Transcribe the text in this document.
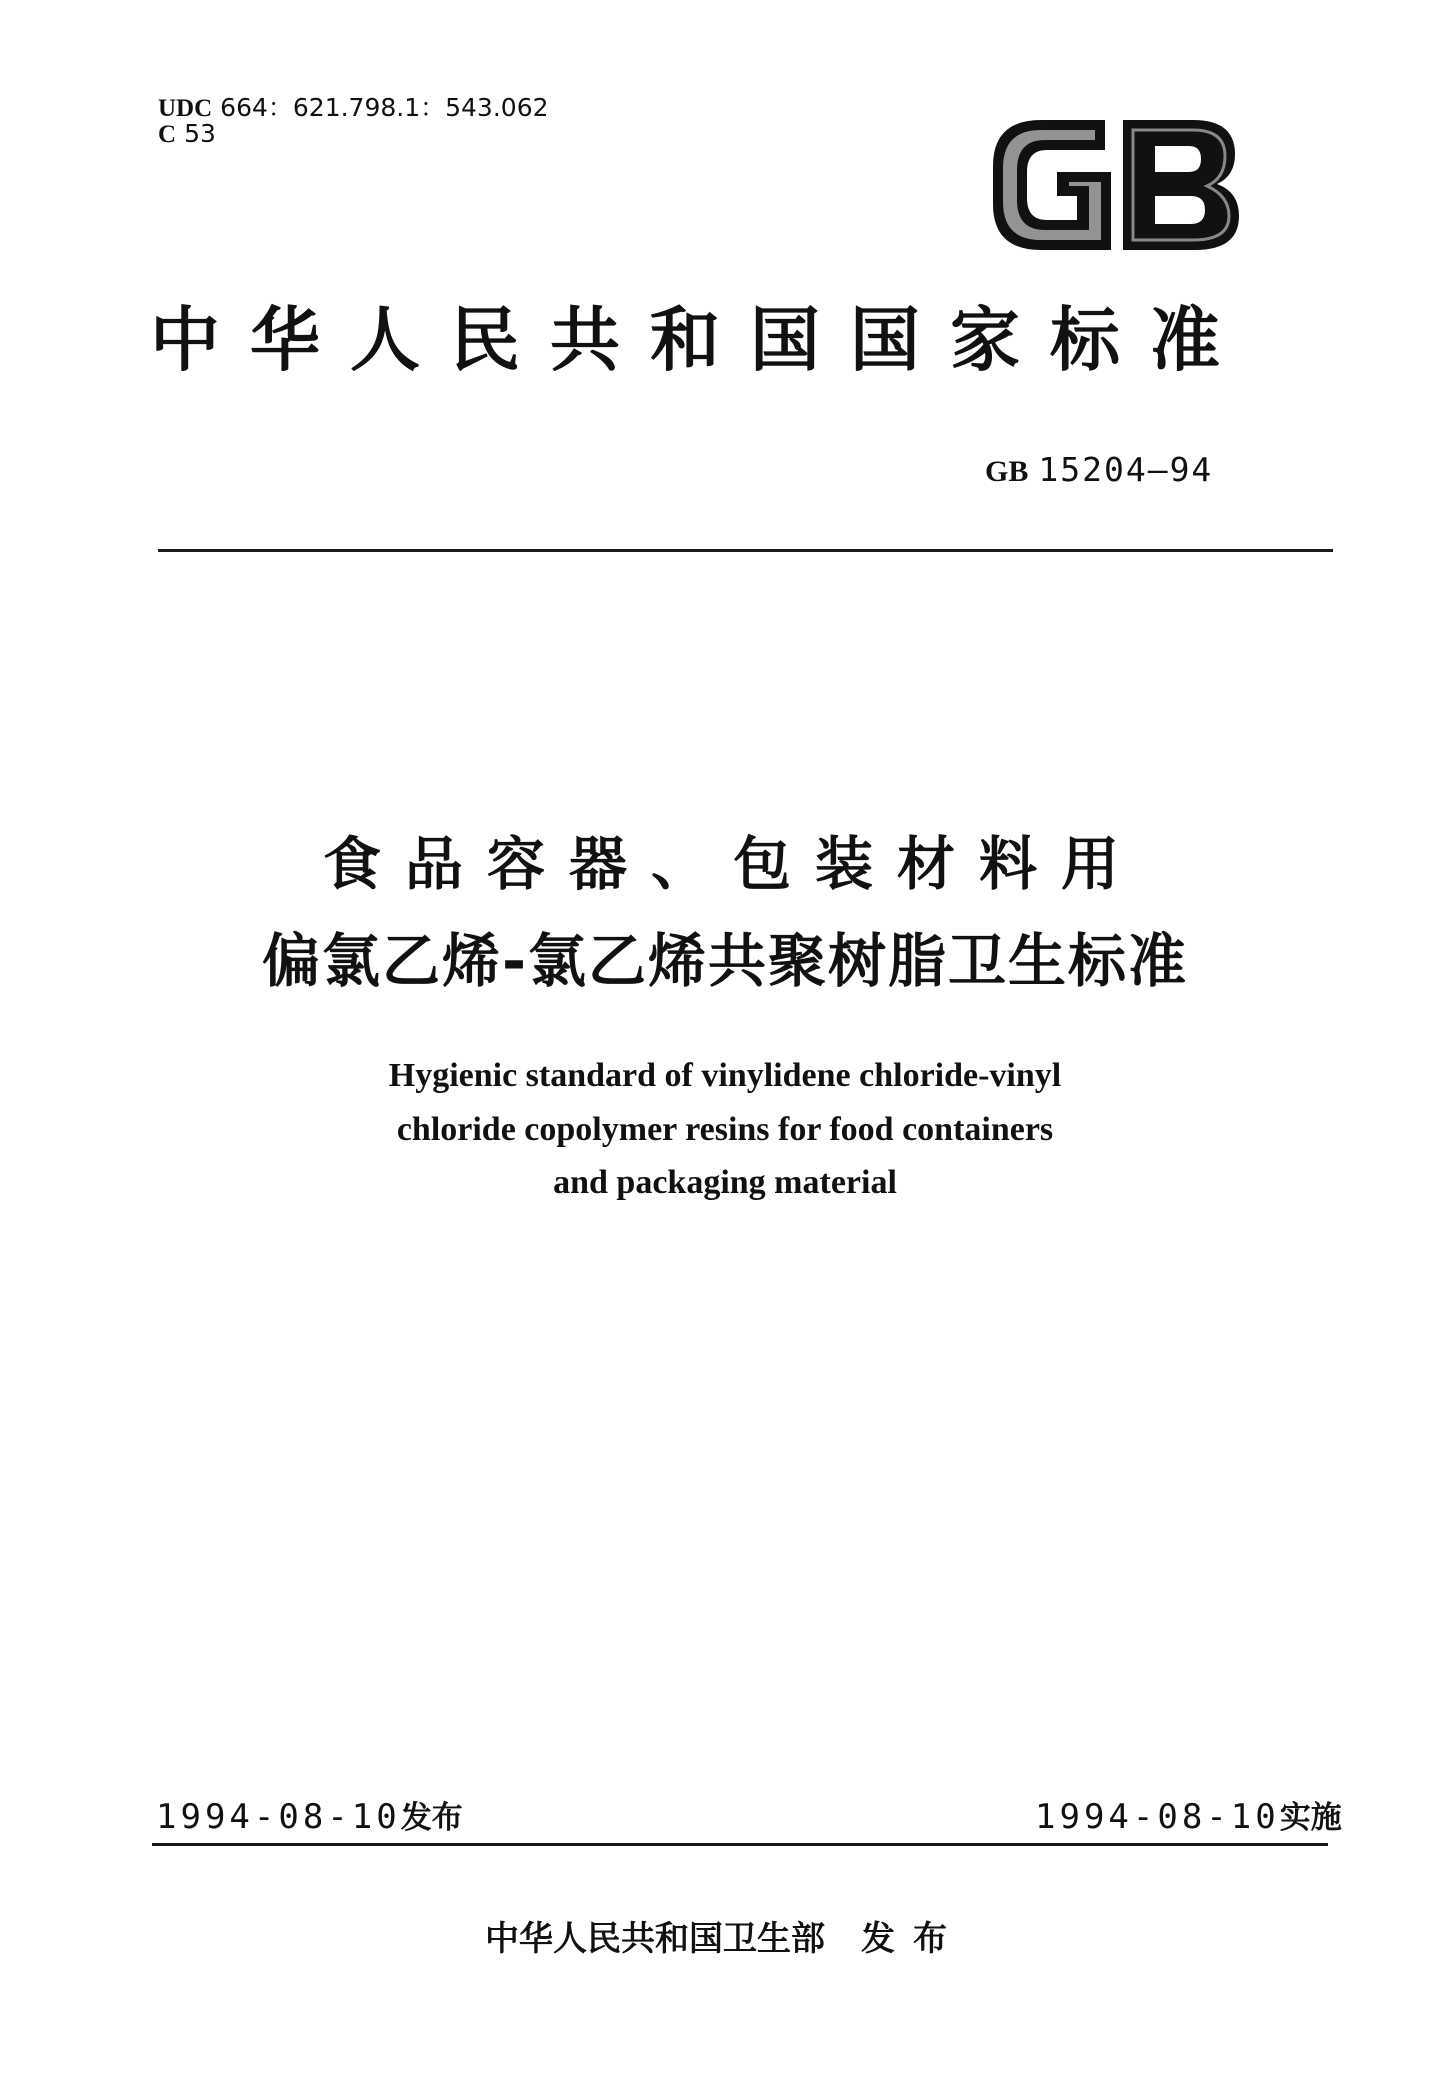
UDC 664：621.798.1：543.062
C 53
中华人民共和国国家标准
GB 15204—94
食品容器、包装材料用
偏氯乙烯-氯乙烯共聚树脂卫生标准
Hygienic standard of vinylidene chloride-vinyl
chloride copolymer resins for food containers
and packaging material
1994-08-10发布	1994-08-10实施
中华人民共和国卫生部 发布
